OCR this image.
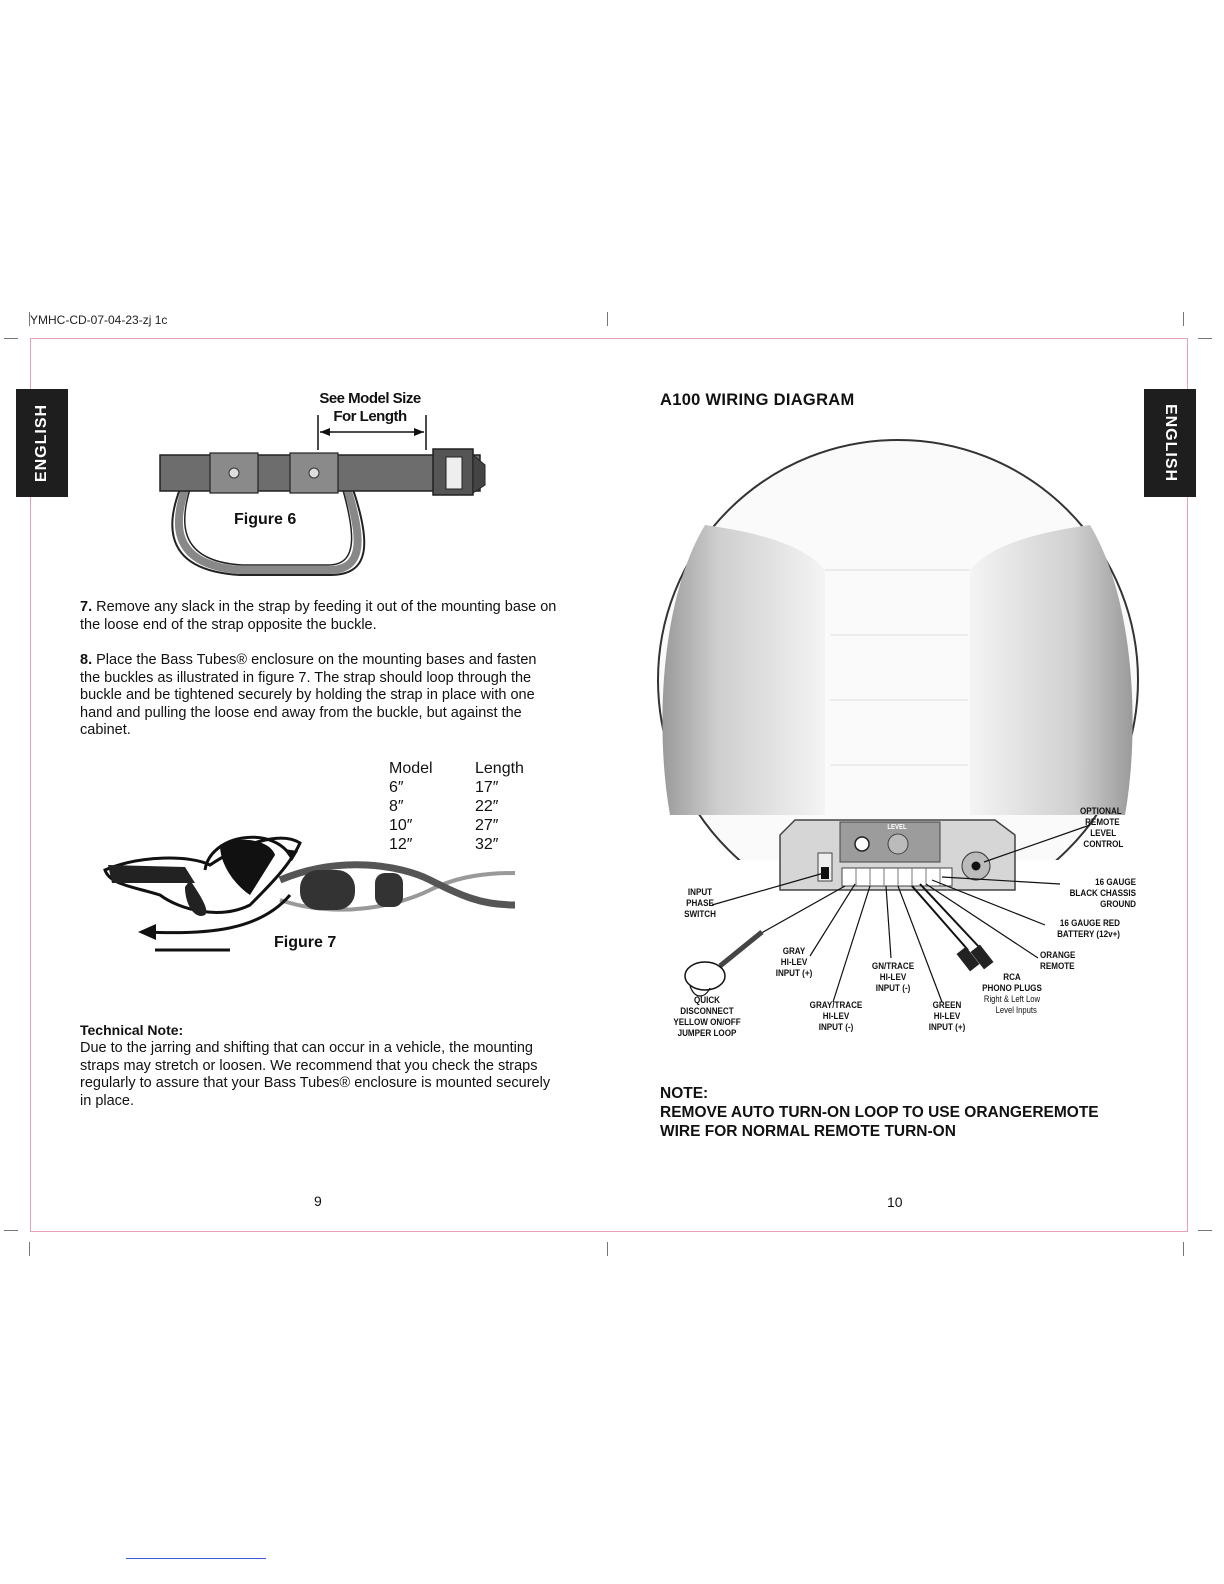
YMHC-CD-07-04-23-zj 1c
ENGLISH	ENGLISH
See Model Size
For Length
Figure 6
7. Remove any slack in the strap by feeding it out of the mounting base on the loose end of the strap opposite the buckle.
8. Place the Bass Tubes® enclosure on the mounting bases and fasten the buckles as illustrated in figure 7. The strap should loop through the buckle and be tightened securely by holding the strap in place with one hand and pulling the loose end away from the buckle, but against the cabinet.
Model	Length
6″	17″
8″	22″
10″	27″
12″	32″
Figure 7
Technical Note:
Due to the jarring and shifting that can occur in a vehicle, the mounting straps may stretch or loosen. We recommend that you check the straps regularly to assure that your Bass Tubes® enclosure is mounted securely in place.
9
A100 WIRING DIAGRAM
OPTIONAL
REMOTE
LEVEL
CONTROL
16 GAUGE
BLACK CHASSIS
GROUND
16 GAUGE RED
BATTERY (12v+)
ORANGE
REMOTE
RCA
PHONO PLUGS
Right & Left Low
Level Inputs
INPUT
PHASE
SWITCH
GRAY
HI-LEV
INPUT (+)
GN/TRACE
HI-LEV
INPUT (-)
GRAY/TRACE
HI-LEV
INPUT (-)
GREEN
HI-LEV
INPUT (+)
QUICK
DISCONNECT
YELLOW ON/OFF
JUMPER LOOP
LEVEL
NOTE:
REMOVE AUTO TURN-ON LOOP TO USE ORANGEREMOTE
WIRE FOR NORMAL REMOTE TURN-ON
10
